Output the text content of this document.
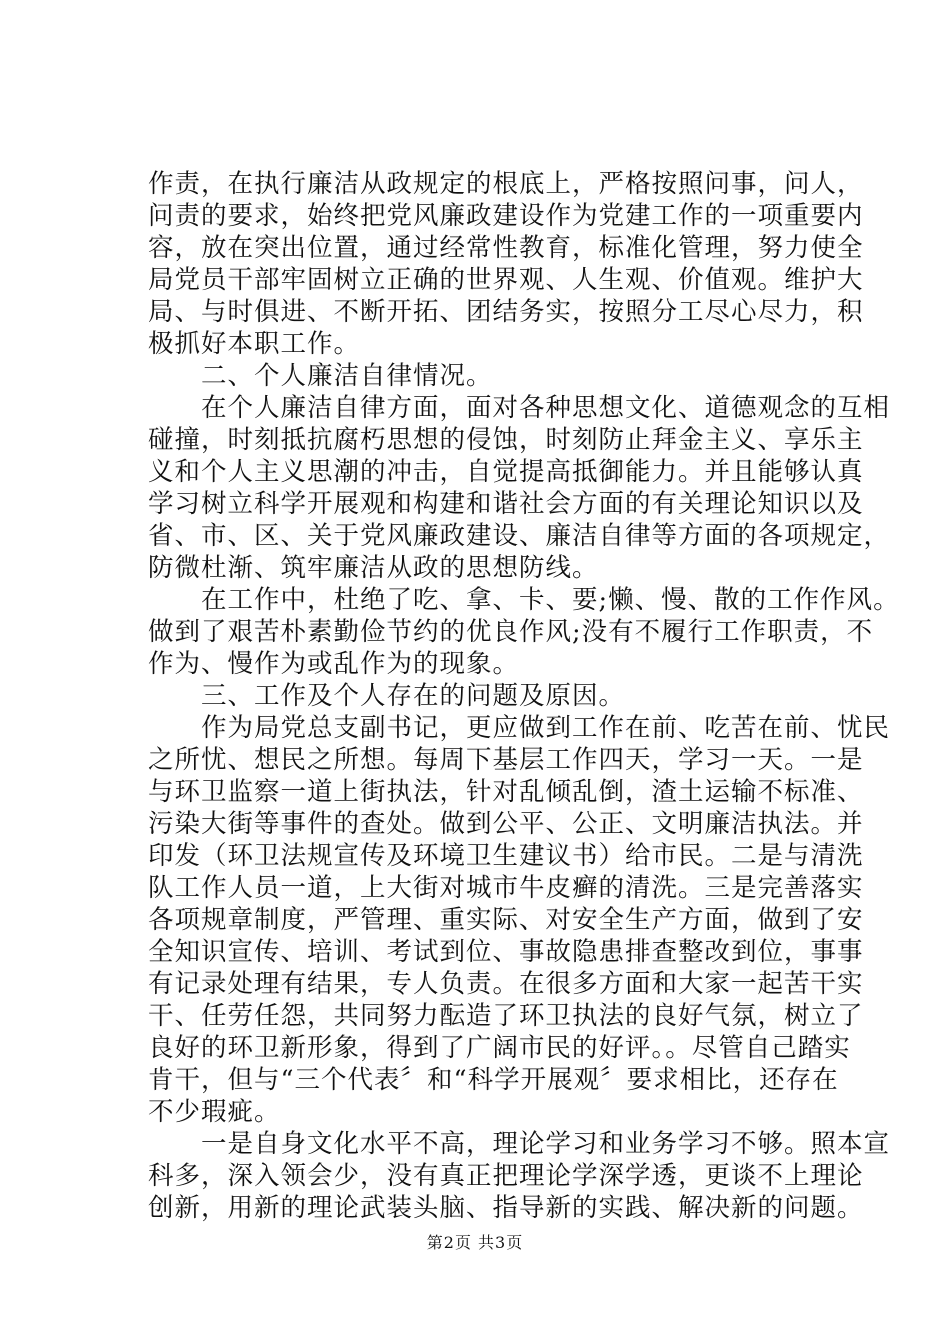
作责，在执行廉洁从政规定的根底上，严格按照问事，问人，
问责的要求，始终把党风廉政建设作为党建工作的一项重要内
容，放在突出位置，通过经常性教育，标准化管理，努力使全
局党员干部牢固树立正确的世界观、人生观、价值观。维护大
局、与时俱进、不断开拓、团结务实，按照分工尽心尽力，积
极抓好本职工作。
　　二、个人廉洁自律情况。
　　在个人廉洁自律方面，面对各种思想文化、道德观念的互相
碰撞，时刻抵抗腐朽思想的侵蚀，时刻防止拜金主义、享乐主
义和个人主义思潮的冲击，自觉提高抵御能力。并且能够认真
学习树立科学开展观和构建和谐社会方面的有关理论知识以及
省、市、区、关于党风廉政建设、廉洁自律等方面的各项规定，
防微杜渐、筑牢廉洁从政的思想防线。
　　在工作中，杜绝了吃、拿、卡、要;懒、慢、散的工作作风。
做到了艰苦朴素勤俭节约的优良作风;没有不履行工作职责，不
作为、慢作为或乱作为的现象。
　　三、工作及个人存在的问题及原因。
　　作为局党总支副书记，更应做到工作在前、吃苦在前、忧民
之所忧、想民之所想。每周下基层工作四天，学习一天。一是
与环卫监察一道上街执法，针对乱倾乱倒，渣土运输不标准、
污染大街等事件的查处。做到公平、公正、文明廉洁执法。并
印发（环卫法规宣传及环境卫生建议书）给市民。二是与清洗
队工作人员一道，上大街对城市牛皮癣的清洗。三是完善落实
各项规章制度，严管理、重实际、对安全生产方面，做到了安
全知识宣传、培训、考试到位、事故隐患排查整改到位，事事
有记录处理有结果，专人负责。在很多方面和大家一起苦干实
干、任劳任怨，共同努力酝造了环卫执法的良好气氛，树立了
良好的环卫新形象，得到了广阔市民的好评。。尽管自己踏实
肯干，但与“三个代表〞和“科学开展观〞要求相比，还存在
不少瑕疵。
　　一是自身文化水平不高，理论学习和业务学习不够。照本宣
科多，深入领会少，没有真正把理论学深学透，更谈不上理论
创新，用新的理论武装头脑、指导新的实践、解决新的问题。
第2页 共3页
